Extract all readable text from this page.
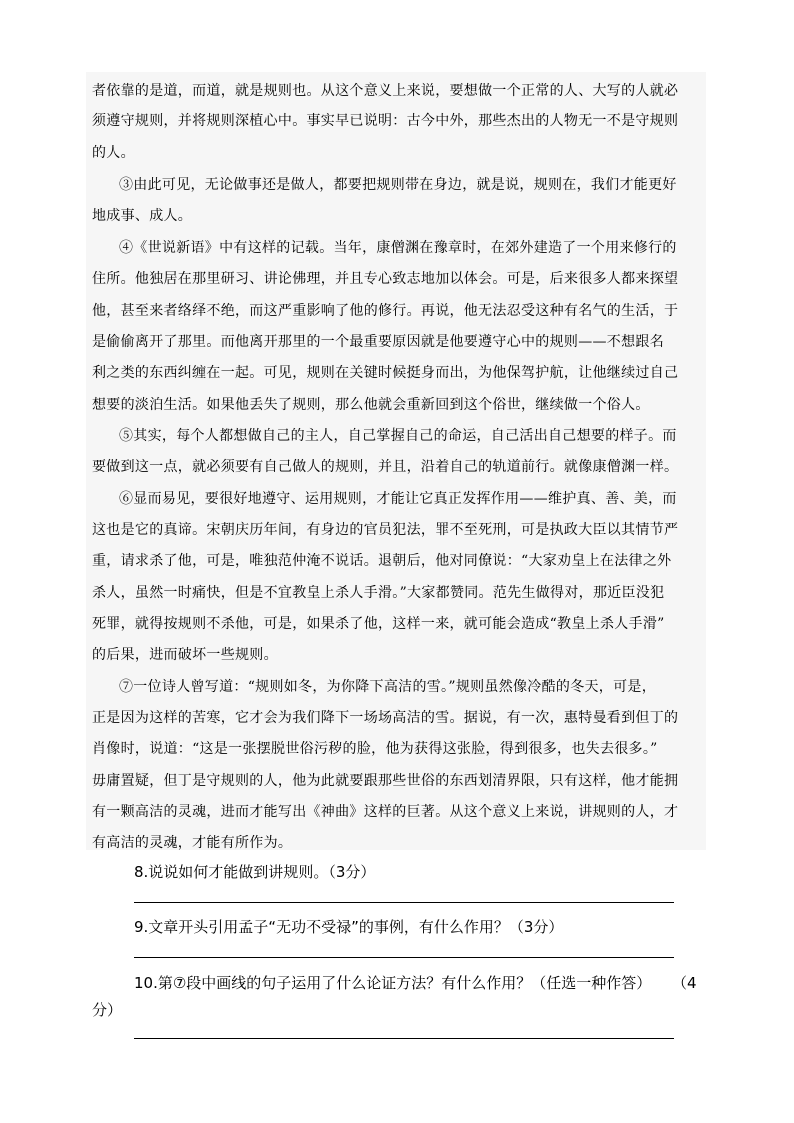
者依靠的是道，而道，就是规则也。从这个意义上来说，要想做一个正常的人、大写的人就必
须遵守规则，并将规则深植心中。事实早已说明：古今中外，那些杰出的人物无一不是守规则
的人。
③由此可见，无论做事还是做人，都要把规则带在身边，就是说，规则在，我们才能更好
地成事、成人。
④《世说新语》中有这样的记载。当年，康僧渊在豫章时，在郊外建造了一个用来修行的
住所。他独居在那里研习、讲论佛理，并且专心致志地加以体会。可是，后来很多人都来探望
他，甚至来者络绎不绝，而这严重影响了他的修行。再说，他无法忍受这种有名气的生活，于
是偷偷离开了那里。而他离开那里的一个最重要原因就是他要遵守心中的规则——不想跟名
利之类的东西纠缠在一起。可见，规则在关键时候挺身而出，为他保驾护航，让他继续过自己
想要的淡泊生活。如果他丢失了规则，那么他就会重新回到这个俗世，继续做一个俗人。
⑤其实，每个人都想做自己的主人，自己掌握自己的命运，自己活出自己想要的样子。而
要做到这一点，就必须要有自己做人的规则，并且，沿着自己的轨道前行。就像康僧渊一样。
⑥显而易见，要很好地遵守、运用规则，才能让它真正发挥作用——维护真、善、美，而
这也是它的真谛。宋朝庆历年间，有身边的官员犯法，罪不至死刑，可是执政大臣以其情节严
重，请求杀了他，可是，唯独范仲淹不说话。退朝后，他对同僚说：“大家劝皇上在法律之外
杀人，虽然一时痛快，但是不宜教皇上杀人手滑。”大家都赞同。范先生做得对，那近臣没犯
死罪，就得按规则不杀他，可是，如果杀了他，这样一来，就可能会造成“教皇上杀人手滑”
的后果，进而破坏一些规则。
⑦一位诗人曾写道：“规则如冬，为你降下高洁的雪。”规则虽然像冷酷的冬天，可是，
正是因为这样的苦寒，它才会为我们降下一场场高洁的雪。据说，有一次，惠特曼看到但丁的
肖像时，说道：“这是一张摆脱世俗污秽的脸，他为获得这张脸，得到很多，也失去很多。”
毋庸置疑，但丁是守规则的人，他为此就要跟那些世俗的东西划清界限，只有这样，他才能拥
有一颗高洁的灵魂，进而才能写出《神曲》这样的巨著。从这个意义上来说，讲规则的人，才
有高洁的灵魂，才能有所作为。
8.说说如何才能做到讲规则。（3分）
9.文章开头引用孟子“无功不受禄”的事例，有什么作用？（3分）
10.第⑦段中画线的句子运用了什么论证方法？有什么作用？（任选一种作答） （4
分）
